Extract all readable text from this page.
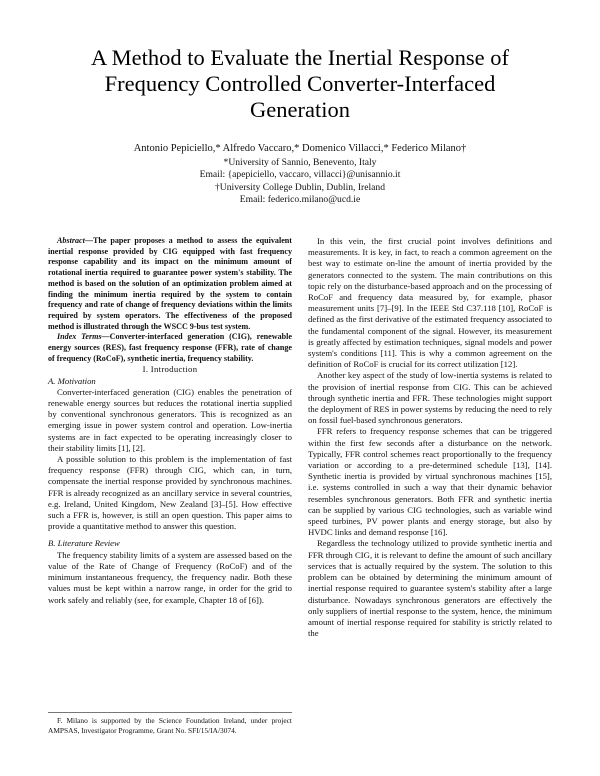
A Method to Evaluate the Inertial Response of
Frequency Controlled Converter-Interfaced
Generation
Antonio Pepiciello,* Alfredo Vaccaro,* Domenico Villacci,* Federico Milano†
*University of Sannio, Benevento, Italy
Email: {apepiciello, vaccaro, villacci}@unisannio.it
†University College Dublin, Dublin, Ireland
Email: federico.milano@ucd.ie

Abstract—The paper proposes a method to assess the equivalent inertial response provided by CIG equipped with fast frequency response capability and its impact on the minimum amount of rotational inertia required to guarantee power system's stability. The method is based on the solution of an optimization problem aimed at finding the minimum inertia required by the system to contain frequency and rate of change of frequency deviations within the limits required by system operators. The effectiveness of the proposed method is illustrated through the WSCC 9-bus test system.

Index Terms—Converter-interfaced generation (CIG), renewable energy sources (RES), fast frequency response (FFR), rate of change of frequency (RoCoF), synthetic inertia, frequency stability.

I. Introduction

A. Motivation

Converter-interfaced generation (CIG) enables the penetration of renewable energy sources but reduces the rotational inertia supplied by conventional synchronous generators. This is recognized as an emerging issue in power system control and operation. Low-inertia systems are in fact expected to be operating increasingly closer to their stability limits [1], [2].

A possible solution to this problem is the implementation of fast frequency response (FFR) through CIG, which can, in turn, compensate the inertial response provided by synchronous machines. FFR is already recognized as an ancillary service in several countries, e.g. Ireland, United Kingdom, New Zealand [3]–[5]. How effective such a FFR is, however, is still an open question. This paper aims to provide a quantitative method to answer this question.

B. Literature Review

The frequency stability limits of a system are assessed based on the value of the Rate of Change of Frequency (RoCoF) and of the minimum instantaneous frequency, the frequency nadir. Both these values must be kept within a narrow range, in order for the grid to work safely and reliably (see, for example, Chapter 18 of [6]).

F. Milano is supported by the Science Foundation Ireland, under project AMPSAS, Investigator Programme, Grant No. SFI/15/IA/3074.

In this vein, the first crucial point involves definitions and measurements. It is key, in fact, to reach a common agreement on the best way to estimate on-line the amount of inertia provided by the generators connected to the system. The main contributions on this topic rely on the disturbance-based approach and on the processing of RoCoF and frequency data measured by, for example, phasor measurement units [7]–[9]. In the IEEE Std C37.118 [10], RoCoF is defined as the first derivative of the estimated frequency associated to the fundamental component of the signal. However, its measurement is greatly affected by estimation techniques, signal models and power system's conditions [11]. This is why a common agreement on the definition of RoCoF is crucial for its correct utilization [12].

Another key aspect of the study of low-inertia systems is related to the provision of inertial response from CIG. This can be achieved through synthetic inertia and FFR. These technologies might support the deployment of RES in power systems by reducing the need to rely on fossil fuel-based synchronous generators.

FFR refers to frequency response schemes that can be triggered within the first few seconds after a disturbance on the network. Typically, FFR control schemes react proportionally to the frequency variation or according to a pre-determined schedule [13], [14]. Synthetic inertia is provided by virtual synchronous machines [15], i.e. systems controlled in such a way that their dynamic behavior resembles synchronous generators. Both FFR and synthetic inertia can be supplied by various CIG technologies, such as variable wind speed turbines, PV power plants and energy storage, but also by HVDC links and demand response [16].

Regardless the technology utilized to provide synthetic inertia and FFR through CIG, it is relevant to define the amount of such ancillary services that is actually required by the system. The solution to this problem can be obtained by determining the minimum amount of inertial response required to guarantee system's stability after a large disturbance. Nowadays synchronous generators are effectively the only suppliers of inertial response to the system, hence, the minimum amount of inertial response required for stability is strictly related to the
